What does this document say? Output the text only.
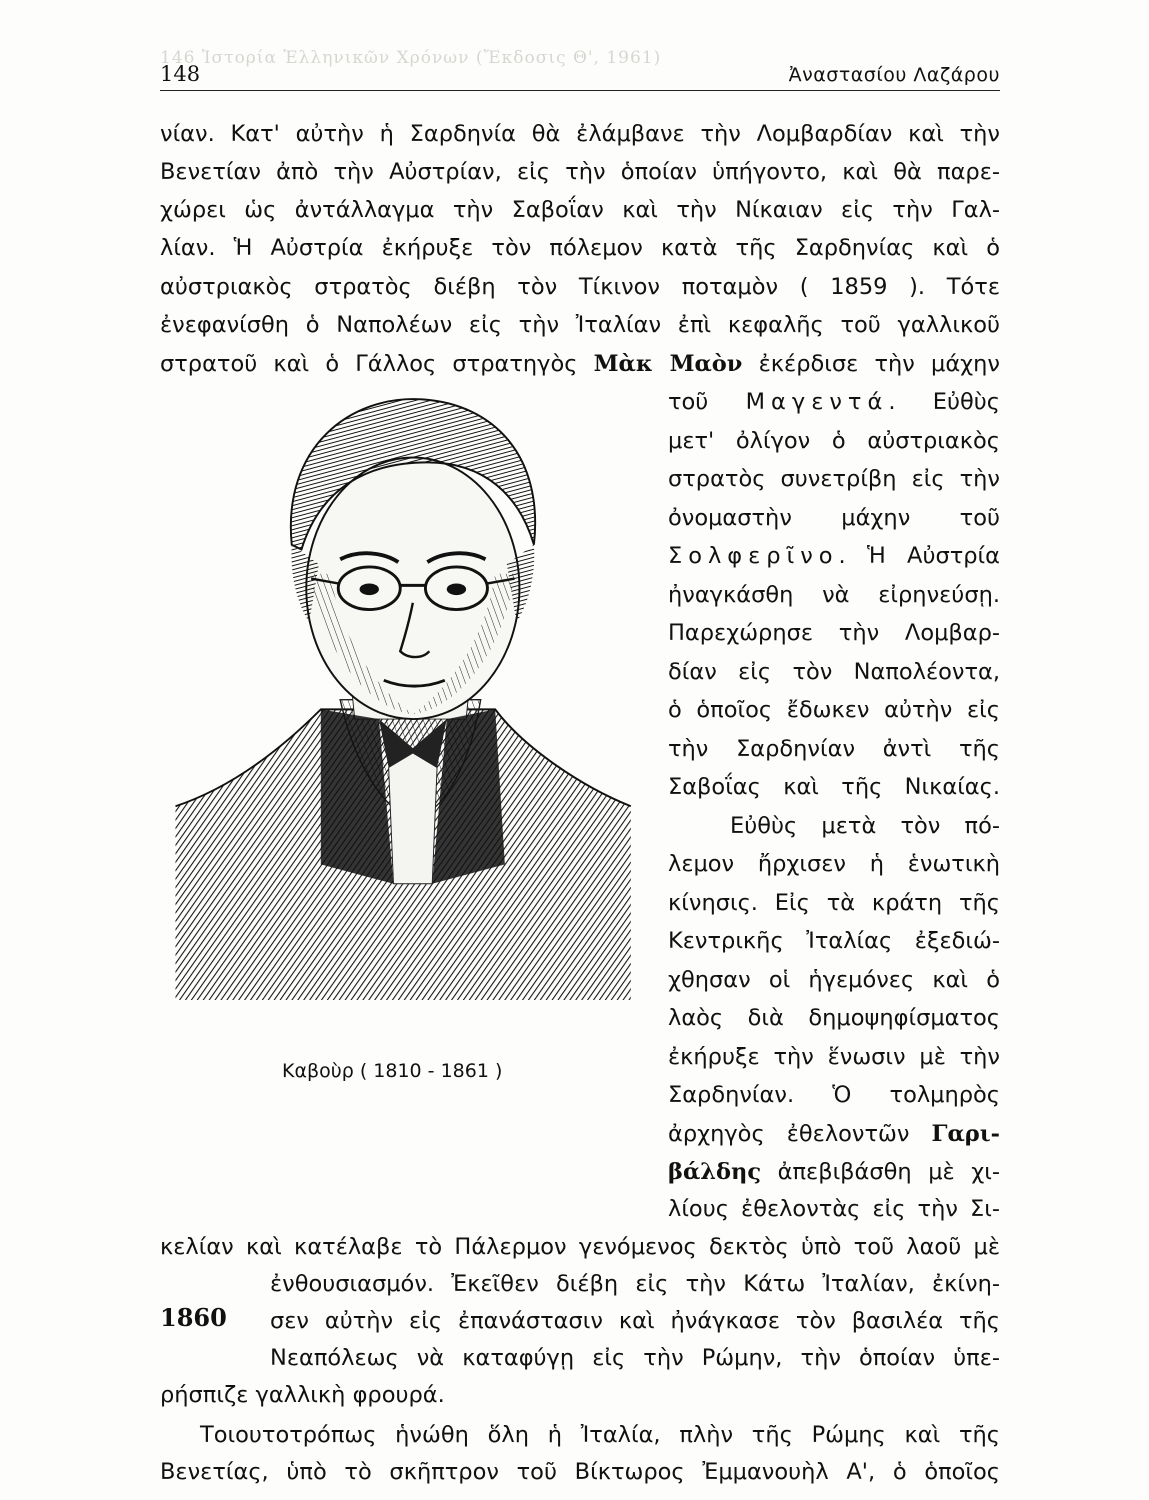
146 Ἱστορία Ἑλληνικῶν Χρόνων (Ἔκδοσις Θ', 1961)
148	Ἀναστασίου Λαζάρου
νίαν. Κατ' αὐτὴν ἡ Σαρδηνία θὰ ἐλάμβανε τὴν Λομβαρδίαν καὶ τὴν
Βενετίαν ἀπὸ τὴν Αὐστρίαν, εἰς τὴν ὁποίαν ὑπήγοντο, καὶ θὰ παρε-
χώρει ὡς ἀντάλλαγμα τὴν Σαβοΐαν καὶ τὴν Νίκαιαν εἰς τὴν Γαλ-
λίαν. Ἡ Αὐστρία ἐκήρυξε τὸν πόλεμον κατὰ τῆς Σαρδηνίας καὶ ὁ
αὐστριακὸς στρατὸς διέβη τὸν Τίκινον ποταμὸν ( 1859 ). Τότε
ἐνεφανίσθη ὁ Ναπολέων εἰς τὴν Ἰταλίαν ἐπὶ κεφαλῆς τοῦ γαλλικοῦ
στρατοῦ καὶ ὁ Γάλλος στρατηγὸς Μὰκ Μαὸν ἐκέρδισε τὴν μάχην
τοῦ Μαγεντά. Εὐθὺς
μετ' ὀλίγον ὁ αὐστριακὸς
στρατὸς συνετρίβη εἰς τὴν
ὀνομαστὴν μάχην τοῦ
Σολφερῖνο. Ἡ Αὐστρία
ἠναγκάσθη νὰ εἰρηνεύσῃ.
Παρεχώρησε τὴν Λομβαρ-
δίαν εἰς τὸν Ναπολέοντα,
ὁ ὁποῖος ἔδωκεν αὐτὴν εἰς
τὴν Σαρδηνίαν ἀντὶ τῆς
Σαβοΐας καὶ τῆς Νικαίας.
Εὐθὺς μετὰ τὸν πό-
λεμον ἤρχισεν ἡ ἑνωτικὴ
κίνησις. Εἰς τὰ κράτη τῆς
Κεντρικῆς Ἰταλίας ἐξεδιώ-
χθησαν οἱ ἡγεμόνες καὶ ὁ
λαὸς διὰ δημοψηφίσματος
ἐκήρυξε τὴν ἕνωσιν μὲ τὴν
Σαρδηνίαν. Ὁ τολμηρὸς
ἀρχηγὸς ἐθελοντῶν Γαρι-
βάλδης ἀπεβιβάσθη μὲ χι-
λίους ἐθελοντὰς εἰς τὴν Σι-
Καβοὺρ ( 1810 - 1861 )
κελίαν καὶ κατέλαβε τὸ Πάλερμον γενόμενος δεκτὸς ὑπὸ τοῦ λαοῦ μὲ
ἐνθουσιασμόν. Ἐκεῖθεν διέβη εἰς τὴν Κάτω Ἰταλίαν, ἐκίνη-
1860 σεν αὐτὴν εἰς ἐπανάστασιν καὶ ἠνάγκασε τὸν βασιλέα τῆς
Νεαπόλεως νὰ καταφύγῃ εἰς τὴν Ρώμην, τὴν ὁποίαν ὑπε-
ρήσπιζε γαλλικὴ φρουρά.
Τοιουτοτρόπως ἡνώθη ὅλη ἡ Ἰταλία, πλὴν τῆς Ρώμης καὶ τῆς
Βενετίας, ὑπὸ τὸ σκῆπτρον τοῦ Βίκτωρος Ἐμμανουὴλ Α', ὁ ὁποῖος
